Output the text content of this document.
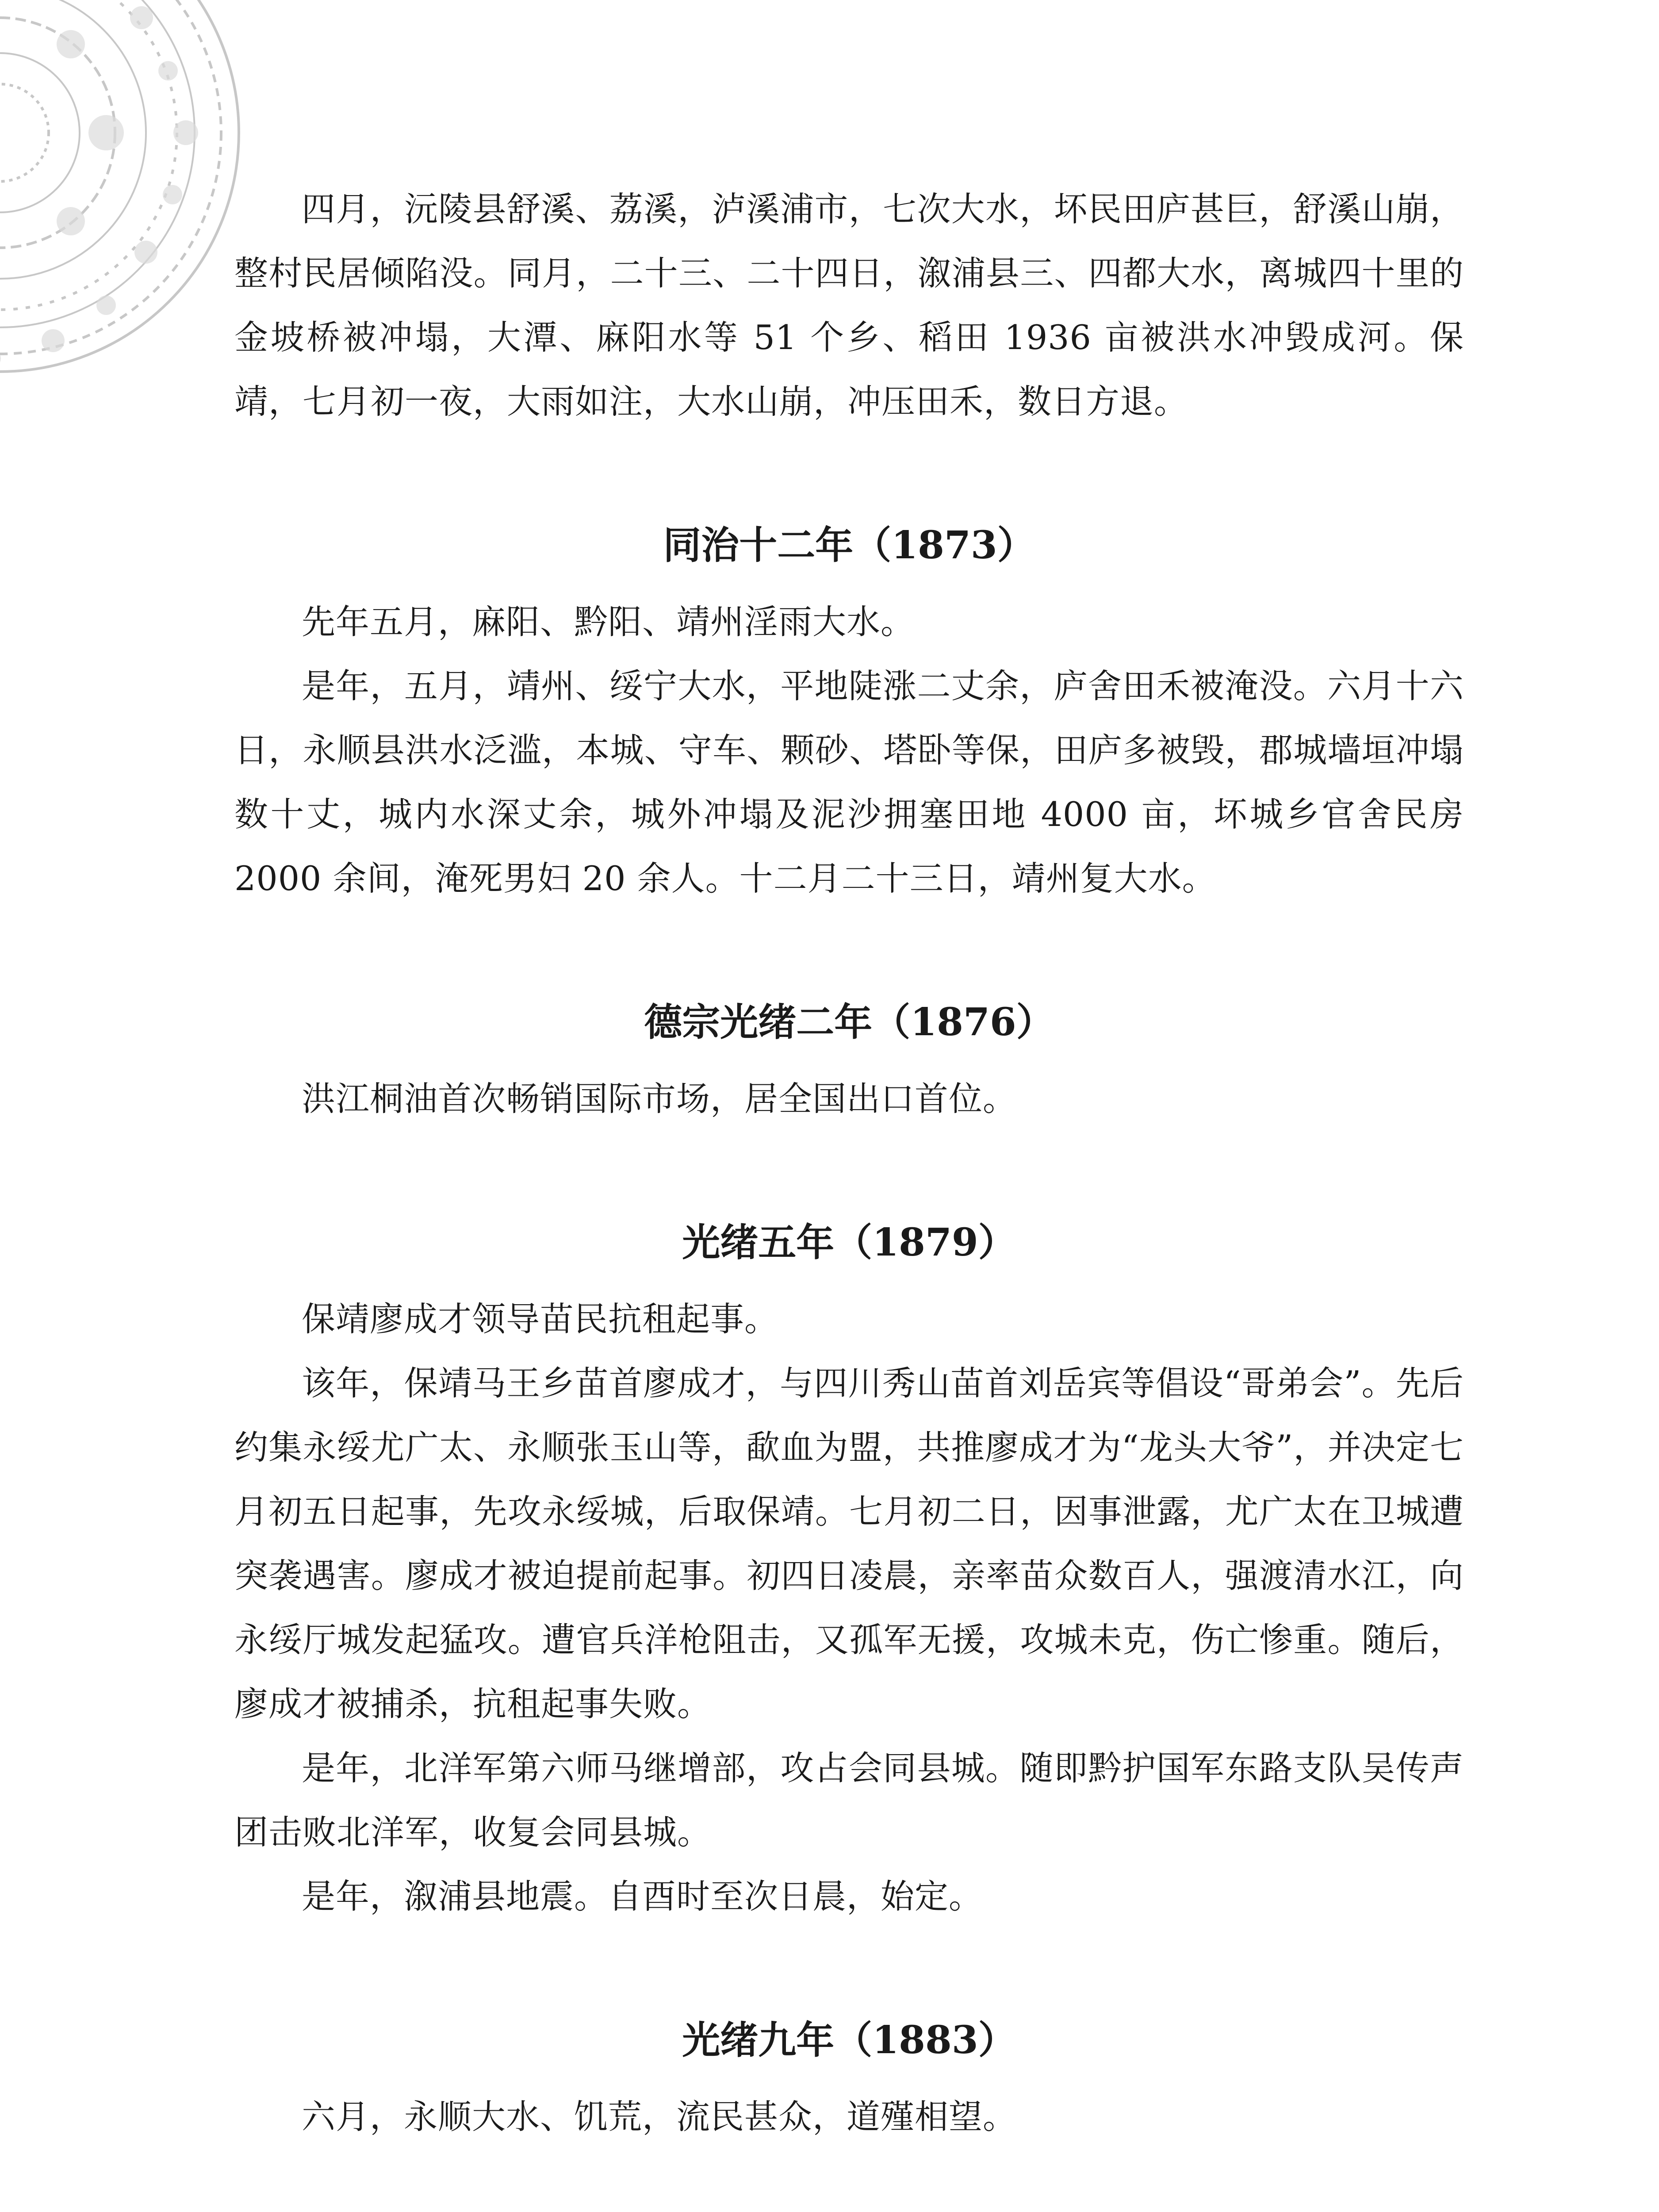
四月，沅陵县舒溪、荔溪，泸溪浦市，七次大水，坏民田庐甚巨，舒溪山崩，整村民居倾陷没。同月，二十三、二十四日，溆浦县三、四都大水，离城四十里的金坡桥被冲塌，大潭、麻阳水等 51 个乡、稻田 1936 亩被洪水冲毁成河。保靖，七月初一夜，大雨如注，大水山崩，冲压田禾，数日方退。

同治十二年（1873）

先年五月，麻阳、黔阳、靖州淫雨大水。

是年，五月，靖州、绥宁大水，平地陡涨二丈余，庐舍田禾被淹没。六月十六日，永顺县洪水泛滥，本城、守车、颗砂、塔卧等保，田庐多被毁，郡城墙垣冲塌数十丈，城内水深丈余，城外冲塌及泥沙拥塞田地 4000 亩，坏城乡官舍民房 2000 余间，淹死男妇 20 余人。十二月二十三日，靖州复大水。

德宗光绪二年（1876）

洪江桐油首次畅销国际市场，居全国出口首位。

光绪五年（1879）

保靖廖成才领导苗民抗租起事。

该年，保靖马王乡苗首廖成才，与四川秀山苗首刘岳宾等倡设“哥弟会”。先后约集永绥尤广太、永顺张玉山等，歃血为盟，共推廖成才为“龙头大爷”，并决定七月初五日起事，先攻永绥城，后取保靖。七月初二日，因事泄露，尤广太在卫城遭突袭遇害。廖成才被迫提前起事。初四日凌晨，亲率苗众数百人，强渡清水江，向永绥厅城发起猛攻。遭官兵洋枪阻击，又孤军无援，攻城未克，伤亡惨重。随后，廖成才被捕杀，抗租起事失败。

是年，北洋军第六师马继增部，攻占会同县城。随即黔护国军东路支队吴传声团击败北洋军，收复会同县城。

是年，溆浦县地震。自酉时至次日晨，始定。

光绪九年（1883）

六月，永顺大水、饥荒，流民甚众，道殣相望。
